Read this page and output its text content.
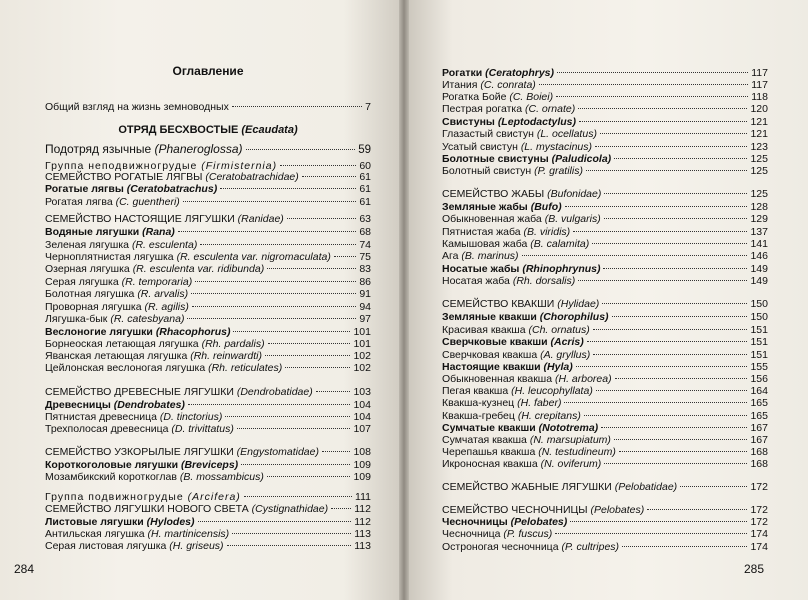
Оглавление
Общий взгляд на жизнь земноводных	7
ОТРЯД БЕСХВОСТЫЕ (Ecaudata)
Подотряд язычные (Phaneroglossa)	59
Группа неподвижногрудые (Firmisternia)	60
СЕМЕЙСТВО РОГАТЫЕ ЛЯГВЫ (Ceratobatrachidae)	61
Рогатые лягвы (Ceratobatrachus)	61
Рогатая лягва (C. guentheri)	61
СЕМЕЙСТВО НАСТОЯЩИЕ ЛЯГУШКИ (Ranidae)	63
Водяные лягушки (Rana)	68
Зеленая лягушка (R. esculenta)	74
Черноплятнистая лягушка (R. esculenta var. nigromaculata)	75
Озерная лягушка (R. esculenta var. ridibunda)	83
Серая лягушка (R. temporaria)	86
Болотная лягушка (R. arvalis)	91
Проворная лягушка (R. agilis)	94
Лягушка-бык (R. catesbyana)	97
Веслоногие лягушки (Rhacophorus)	101
Борнеоская летающая лягушка (Rh. pardalis)	101
Яванская летающая лягушка (Rh. reinwardti)	102
Цейлонская веслоногая лягушка (Rh. reticulates)	102
СЕМЕЙСТВО ДРЕВЕСНЫЕ ЛЯГУШКИ (Dendrobatidae)	103
Древесницы (Dendrobates)	104
Пятнистая древесница (D. tinctorius)	104
Трехполосая древесница (D. trivittatus)	107
СЕМЕЙСТВО УЗКОРЫЛЫЕ ЛЯГУШКИ (Engystomatidae)	108
Короткоголовые лягушки (Breviceps)	109
Мозамбикский короткоглав (B. mossambicus)	109
Группа подвижногрудые (Arcifera)	111
СЕМЕЙСТВО ЛЯГУШКИ НОВОГО СВЕТА (Cystignathidae) 112
Листовые лягушки (Hylodes)	112
Антильская лягушка (H. martinicensis)	113
Серая листовая лягушка (H. griseus)	113
284
Рогатки (Ceratophrys)	117
Итания (C. conrata)	117
Рогатка Бойе (C. Boiei)	118
Пестрая рогатка (C. ornate)	120
Свистуны (Leptodactylus)	121
Глазастый свистун (L. ocellatus)	121
Усатый свистун (L. mystacinus)	123
Болотные свистуны (Paludicola)	125
Болотный свистун (P. gratilis)	125
СЕМЕЙСТВО ЖАБЫ (Bufonidae)	125
Земляные жабы (Bufo)	128
Обыкновенная жаба (B. vulgaris)	129
Пятнистая жаба (B. viridis)	137
Камышовая жаба (B. calamita)	141
Ага (B. marinus)	146
Носатые жабы (Rhinophrynus)	149
Носатая жаба (Rh. dorsalis)	149
СЕМЕЙСТВО КВАКШИ (Hylidae)	150
Земляные квакши (Chorophilus)	150
Красивая квакша (Ch. ornatus)	151
Сверчковые квакши (Acris)	151
Сверчковая квакша (A. gryllus)	151
Настоящие квакши (Hyla)	155
Обыкновенная квакша (H. arborea)	156
Пегая квакша (H. leucophyllata)	164
Квакша-кузнец (H. faber)	165
Квакша-гребец (H. crepitans)	165
Сумчатые квакши (Nototrema)	167
Сумчатая квакша (N. marsupiatum)	167
Черепашья квакша (N. testudineum)	168
Икроносная квакша (N. oviferum)	168
СЕМЕЙСТВО ЖАБНЫЕ ЛЯГУШКИ (Pelobatidae)	172
СЕМЕЙСТВО ЧЕСНОЧНИЦЫ (Pelobates)	172
Чесночницы (Pelobates)	172
Чесночница (P. fuscus)	174
Остроногая чесночница (P. cultripes)	174
285
